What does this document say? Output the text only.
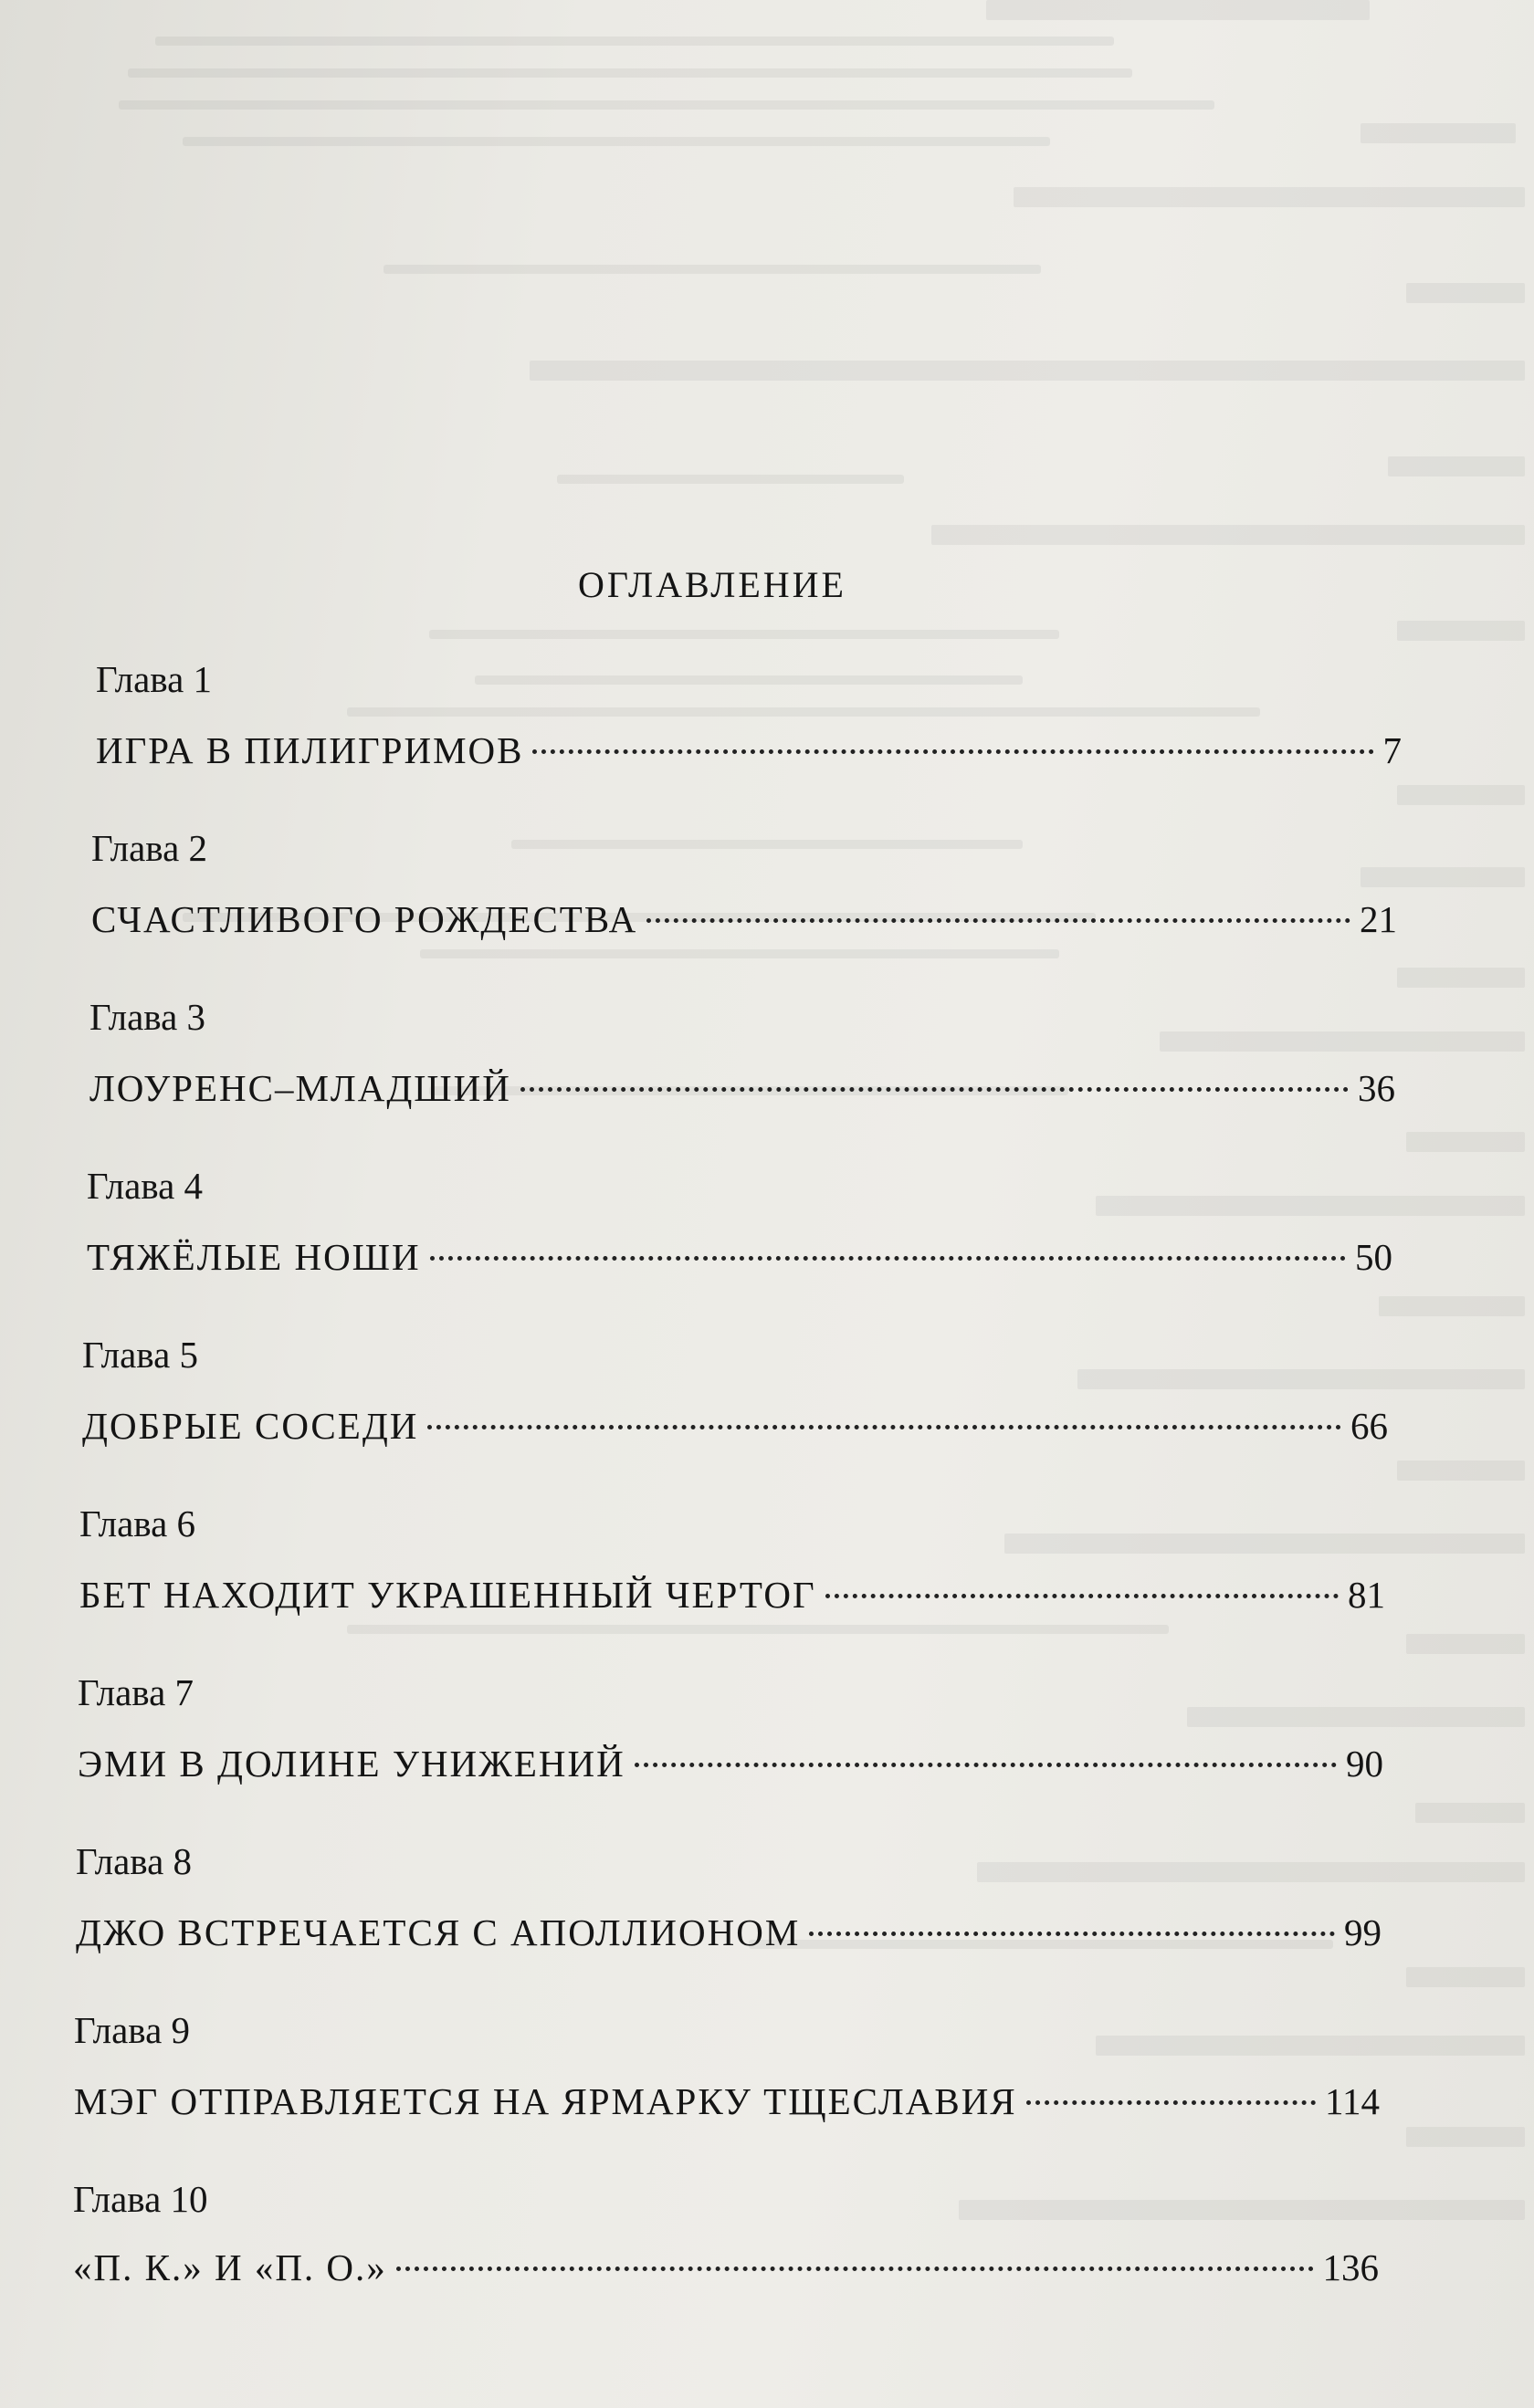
ОГЛАВЛЕНИЕ
Глава 1
ИГРА В ПИЛИГРИМОВ	7
Глава 2
СЧАСТЛИВОГО РОЖДЕСТВА	21
Глава 3
ЛОУРЕНС–МЛАДШИЙ	36
Глава 4
ТЯЖЁЛЫЕ НОШИ	50
Глава 5
ДОБРЫЕ СОСЕДИ	66
Глава 6
БЕТ НАХОДИТ УКРАШЕННЫЙ ЧЕРТОГ	81
Глава 7
ЭМИ В ДОЛИНЕ УНИЖЕНИЙ	90
Глава 8
ДЖО ВСТРЕЧАЕТСЯ С АПОЛЛИОНОМ	99
Глава 9
МЭГ ОТПРАВЛЯЕТСЯ НА ЯРМАРКУ ТЩЕСЛАВИЯ	114
Глава 10
«П. К.» И «П. О.»	136
